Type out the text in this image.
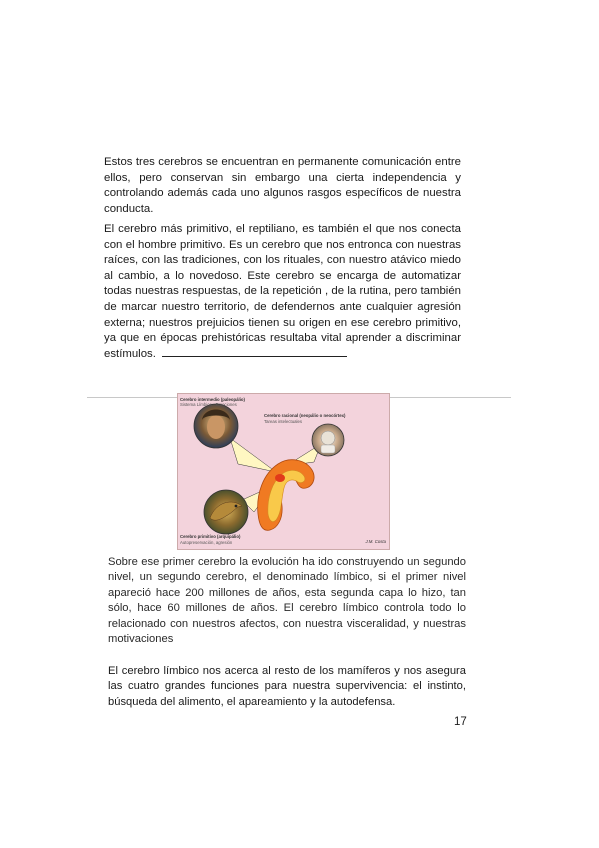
Estos tres cerebros se encuentran en permanente comunicación entre ellos, pero conservan sin embargo una cierta independencia y controlando además cada uno algunos rasgos específicos de nuestra conducta.

El cerebro más primitivo, el reptiliano, es también el que nos conecta con el hombre primitivo. Es un cerebro que nos entronca con nuestras raíces, con las tradiciones, con los rituales, con nuestro atávico miedo al cambio, a lo novedoso. Este cerebro se encarga de automatizar todas nuestras respuestas, de la repetición , de la rutina, pero también de marcar nuestro territorio, de defendernos ante cualquier agresión externa; nuestros prejuicios tienen su origen en ese cerebro primitivo, ya que en épocas prehistóricas resultaba vital aprender a discriminar estímulos.

Cerebro intermedio (paleopálio)
Sistema Límbico - Emociones
Cerebro racional (neopálio o neocórtex)
Tareas intelectuales
Cerebro primitivo (arquipálio)
Autopreservación, agresión	J.M. Costa

Sobre ese primer cerebro la evolución ha ido construyendo un segundo nivel, un segundo cerebro, el denominado límbico, si el primer nivel apareció hace 200 millones de años, esta segunda capa lo hizo, tan sólo, hace 60 millones de años. El cerebro límbico controla todo lo relacionado con nuestros afectos, con nuestra visceralidad, y nuestras motivaciones

El cerebro límbico nos acerca al resto de los mamíferos y nos asegura las cuatro grandes funciones para nuestra supervivencia: el instinto, búsqueda del alimento, el apareamiento y la autodefensa.

17
